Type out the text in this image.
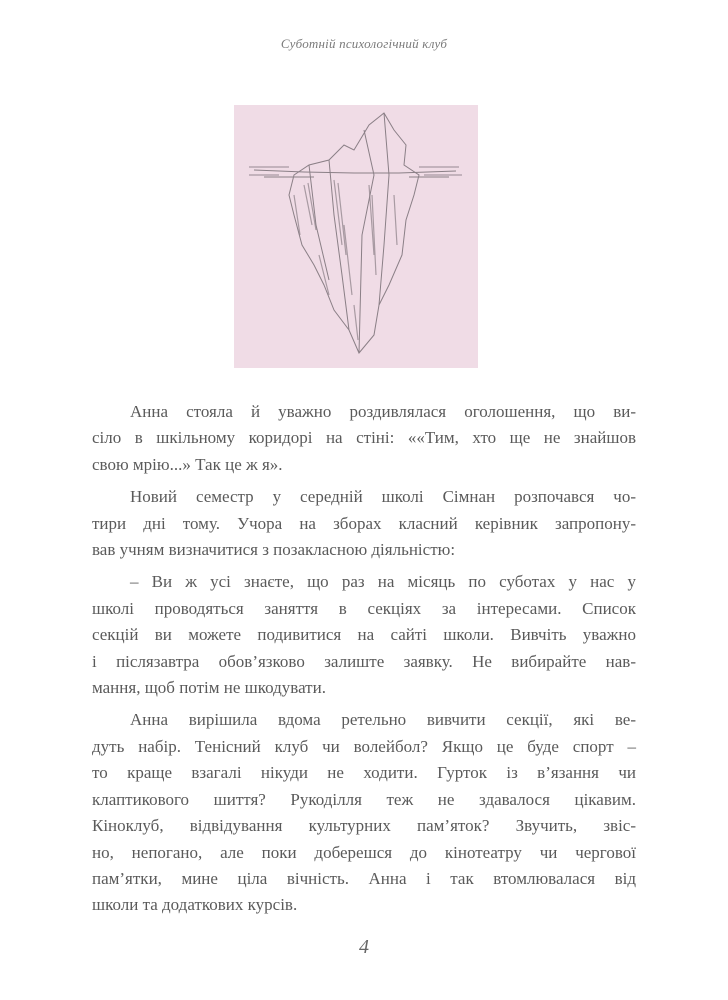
Суботній психологічний клуб
Анна стояла й уважно роздивлялася оголошення, що ви-
сіло в шкільному коридорі на стіні: ««Тим, хто ще не знайшов
свою мрію...» Так це ж я».
Новий семестр у середній школі Сімнан розпочався чо-
тири дні тому. Учора на зборах класний керівник запропону-
вав учням визначитися з позакласною діяльністю:
– Ви ж усі знаєте, що раз на місяць по суботах у нас у
школі проводяться заняття в секціях за інтересами. Список
секцій ви можете подивитися на сайті школи. Вивчіть уважно
і післязавтра обов’язково залиште заявку. Не вибирайте нав-
мання, щоб потім не шкодувати.
Анна вирішила вдома ретельно вивчити секції, які ве-
дуть набір. Тенісний клуб чи волейбол? Якщо це буде спорт –
то краще взагалі нікуди не ходити. Гурток із в’язання чи
клаптикового шиття? Рукоділля теж не здавалося цікавим.
Кіноклуб, відвідування культурних пам’яток? Звучить, звіс-
но, непогано, але поки доберешся до кінотеатру чи чергової
пам’ятки, мине ціла вічність. Анна і так втомлювалася від
школи та додаткових курсів.
4
